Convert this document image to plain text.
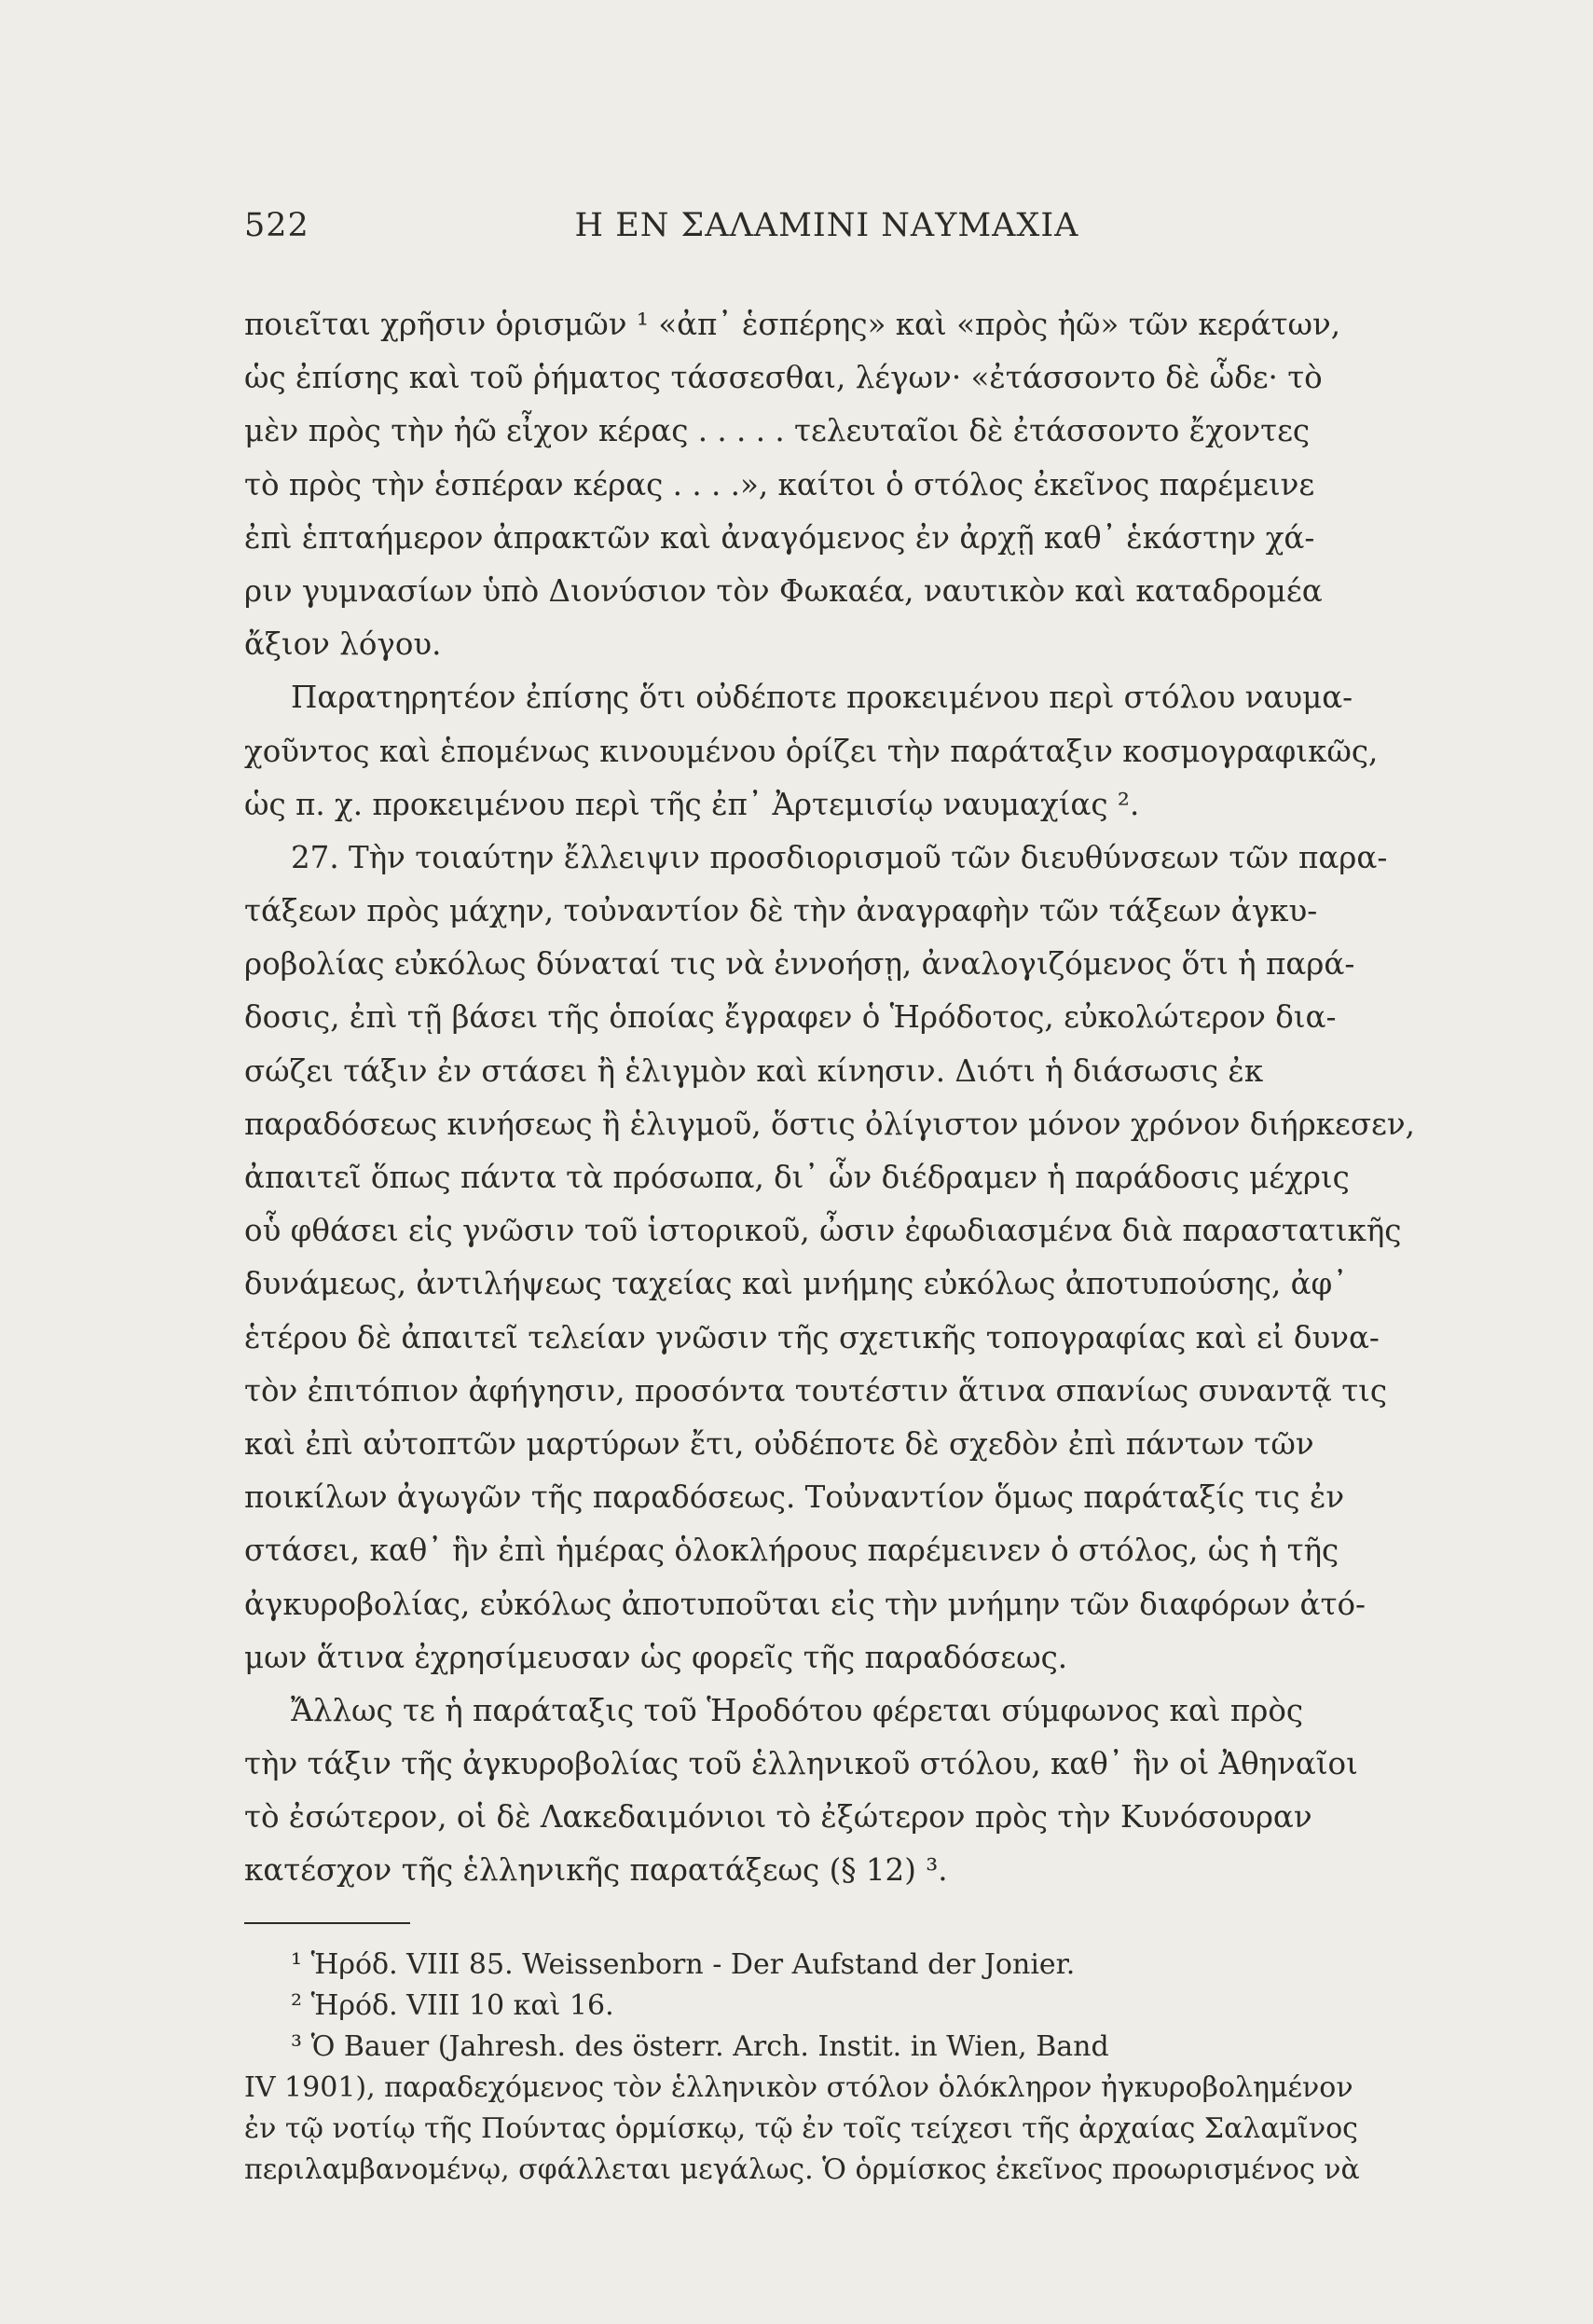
522	Η ΕΝ ΣΑΛΑΜΙΝΙ ΝΑΥΜΑΧΙΑ
ποιεῖται χρῆσιν ὁρισμῶν ¹ «ἀπ᾽ ἑσπέρης» καὶ «πρὸς ἠῶ» τῶν κεράτων,
ὡς ἐπίσης καὶ τοῦ ῥήματος τάσσεσθαι, λέγων· «ἐτάσσοντο δὲ ὧδε· τὸ
μὲν πρὸς τὴν ἠῶ εἶχον κέρας . . . . . τελευταῖοι δὲ ἐτάσσοντο ἔχοντες
τὸ πρὸς τὴν ἑσπέραν κέρας . . . .», καίτοι ὁ στόλος ἐκεῖνος παρέμεινε
ἐπὶ ἑπταήμερον ἀπρακτῶν καὶ ἀναγόμενος ἐν ἀρχῇ καθ᾽ ἑκάστην χά-
ριν γυμνασίων ὑπὸ Διονύσιον τὸν Φωκαέα, ναυτικὸν καὶ καταδρομέα
ἄξιον λόγου.
Παρατηρητέον ἐπίσης ὅτι οὐδέποτε προκειμένου περὶ στόλου ναυμα-
χοῦντος καὶ ἑπομένως κινουμένου ὁρίζει τὴν παράταξιν κοσμογραφικῶς,
ὡς π. χ. προκειμένου περὶ τῆς ἐπ᾽ Ἀρτεμισίῳ ναυμαχίας ².
27. Τὴν τοιαύτην ἔλλειψιν προσδιορισμοῦ τῶν διευθύνσεων τῶν παρα-
τάξεων πρὸς μάχην, τοὐναντίον δὲ τὴν ἀναγραφὴν τῶν τάξεων ἀγκυ-
ροβολίας εὐκόλως δύναταί τις νὰ ἐννοήσῃ, ἀναλογιζόμενος ὅτι ἡ παρά-
δοσις, ἐπὶ τῇ βάσει τῆς ὁποίας ἔγραφεν ὁ Ἡρόδοτος, εὐκολώτερον δια-
σώζει τάξιν ἐν στάσει ἢ ἑλιγμὸν καὶ κίνησιν. Διότι ἡ διάσωσις ἐκ
παραδόσεως κινήσεως ἢ ἑλιγμοῦ, ὅστις ὀλίγιστον μόνον χρόνον διήρκεσεν,
ἀπαιτεῖ ὅπως πάντα τὰ πρόσωπα, δι᾽ ὧν διέδραμεν ἡ παράδοσις μέχρις
οὗ φθάσει εἰς γνῶσιν τοῦ ἱστορικοῦ, ὦσιν ἐφωδιασμένα διὰ παραστατικῆς
δυνάμεως, ἀντιλήψεως ταχείας καὶ μνήμης εὐκόλως ἀποτυπούσης, ἀφ᾽
ἑτέρου δὲ ἀπαιτεῖ τελείαν γνῶσιν τῆς σχετικῆς τοπογραφίας καὶ εἰ δυνα-
τὸν ἐπιτόπιον ἀφήγησιν, προσόντα τουτέστιν ἅτινα σπανίως συναντᾷ τις
καὶ ἐπὶ αὐτοπτῶν μαρτύρων ἔτι, οὐδέποτε δὲ σχεδὸν ἐπὶ πάντων τῶν
ποικίλων ἀγωγῶν τῆς παραδόσεως. Τοὐναντίον ὅμως παράταξίς τις ἐν
στάσει, καθ᾽ ἣν ἐπὶ ἡμέρας ὁλοκλήρους παρέμεινεν ὁ στόλος, ὡς ἡ τῆς
ἀγκυροβολίας, εὐκόλως ἀποτυποῦται εἰς τὴν μνήμην τῶν διαφόρων ἀτό-
μων ἅτινα ἐχρησίμευσαν ὡς φορεῖς τῆς παραδόσεως.
Ἄλλως τε ἡ παράταξις τοῦ Ἡροδότου φέρεται σύμφωνος καὶ πρὸς
τὴν τάξιν τῆς ἀγκυροβολίας τοῦ ἑλληνικοῦ στόλου, καθ᾽ ἣν οἱ Ἀθηναῖοι
τὸ ἐσώτερον, οἱ δὲ Λακεδαιμόνιοι τὸ ἐξώτερον πρὸς τὴν Κυνόσουραν
κατέσχον τῆς ἑλληνικῆς παρατάξεως (§ 12) ³.
¹ Ἡρόδ. VIII 85. Weissenborn - Der Aufstand der Jonier.
² Ἡρόδ. VIII 10 καὶ 16.
³ Ὁ Bauer (Jahresh. des österr. Arch. Instit. in Wien, Band
IV 1901), παραδεχόμενος τὸν ἑλληνικὸν στόλον ὁλόκληρον ἠγκυροβολημένον
ἐν τῷ νοτίῳ τῆς Πούντας ὁρμίσκῳ, τῷ ἐν τοῖς τείχεσι τῆς ἀρχαίας Σαλαμῖνος
περιλαμβανομένῳ, σφάλλεται μεγάλως. Ὁ ὁρμίσκος ἐκεῖνος προωρισμένος νὰ
